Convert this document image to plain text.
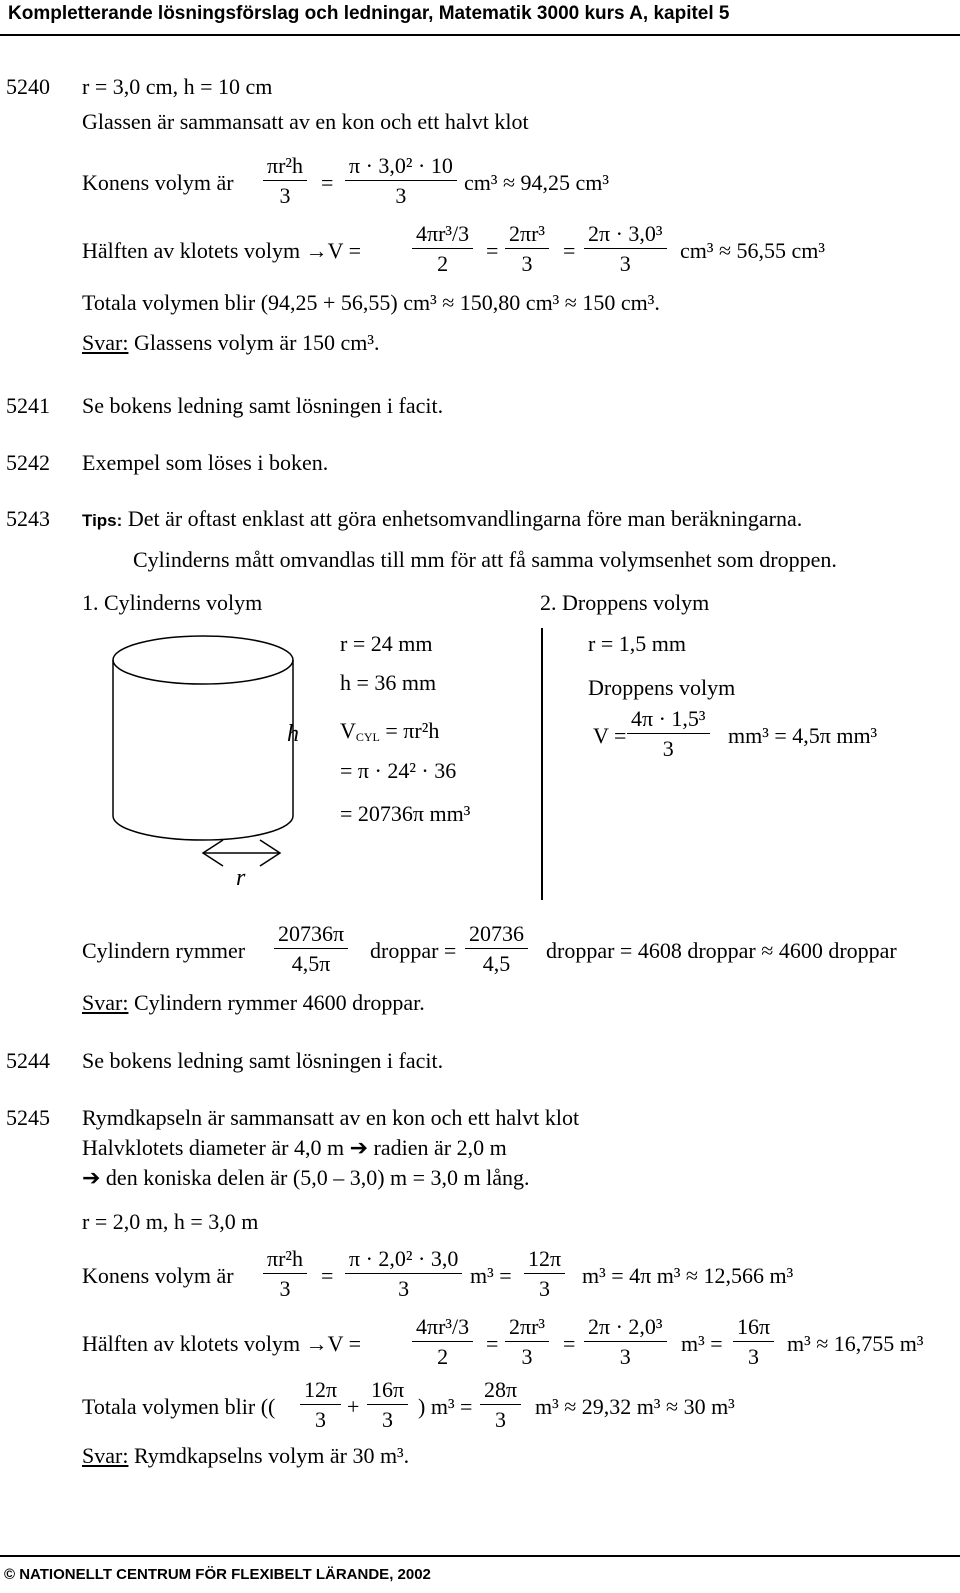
Kompletterande lösningsförslag och ledningar, Matematik 3000 kurs A, kapitel 5
5240 r = 3,0 cm, h = 10 cm
Glassen är sammansatt av en kon och ett halvt klot
Konens volym är $\frac{\text{πr²h}}{3} = \frac{\text{π · 3,0² · 10}}{3} cm^3 \approx 94,25$ cm³
Hälften av klotets volym $\to V = \frac{\text{4πr³/3}}{2} = \frac{\text{2πr³}}{3} = \frac{\text{2π · 3,0³}}{3} cm^3 \approx 56,55$ cm³
Totala volymen blir (94,25 + 56,55) cm³ ≈ 150,80 cm³ ≈ 150 cm³.
Svar: Glassens volym är 150 cm³.
5241 Se bokens ledning samt lösningen i facit.
5242 Exempel som löses i boken.
5243 Tips: Det är oftast enklast att göra enhetsomvandlingarna före man beräkningarna.
Cylinderns mått omvandlas till mm för att få samma volymsenhet som droppen.
1. Cylinderns volym	2. Droppens volym
h
r
r = 24 mm
h = 36 mm
$V_{CYL} = \pi r^2h$
= π · 24² · 36
= 20736π mm³
r = 1,5 mm
Droppens volym
$V = \frac{\text{4π · 1,5³}}{3} mm^3 = 4,5\pi$ mm³
Cylindern rymmer $\frac{20736\pi}{4,5\pi}$ droppar = $\frac{20736}{4,5}$ droppar = 4608 droppar ≈ 4600 droppar
Svar: Cylindern rymmer 4600 droppar.
5244 Se bokens ledning samt lösningen i facit.
5245 Rymdkapseln är sammansatt av en kon och ett halvt klot
Halvklotets diameter är 4,0 m ➔ radien är 2,0 m
➔ den koniska delen är (5,0 – 3,0) m = 3,0 m lång.
r = 2,0 m, h = 3,0 m
Konens volym är $\frac{\text{πr²h}}{3} = \frac{\text{π · 2,0² · 3,0}}{3} m^3 = \frac{12\pi}{3} m^3 = 4\pi$ m³ ≈ 12,566 m³
Hälften av klotets volym $\to V = \frac{\text{4πr³/3}}{2} = \frac{\text{2πr³}}{3} = \frac{\text{2π · 2,0³}}{3} m^3 = \frac{16\pi}{3} m^3 \approx 16,755$ m³
Totala volymen blir (( $\frac{12\pi}{3} + \frac{16\pi}{3}$ ) $m^3 = \frac{28\pi}{3} m^3 \approx 29,32$ m³ ≈ 30 m³
Svar: Rymdkapselns volym är 30 m³.
© NATIONELLT CENTRUM FÖR FLEXIBELT LÄRANDE, 2002
